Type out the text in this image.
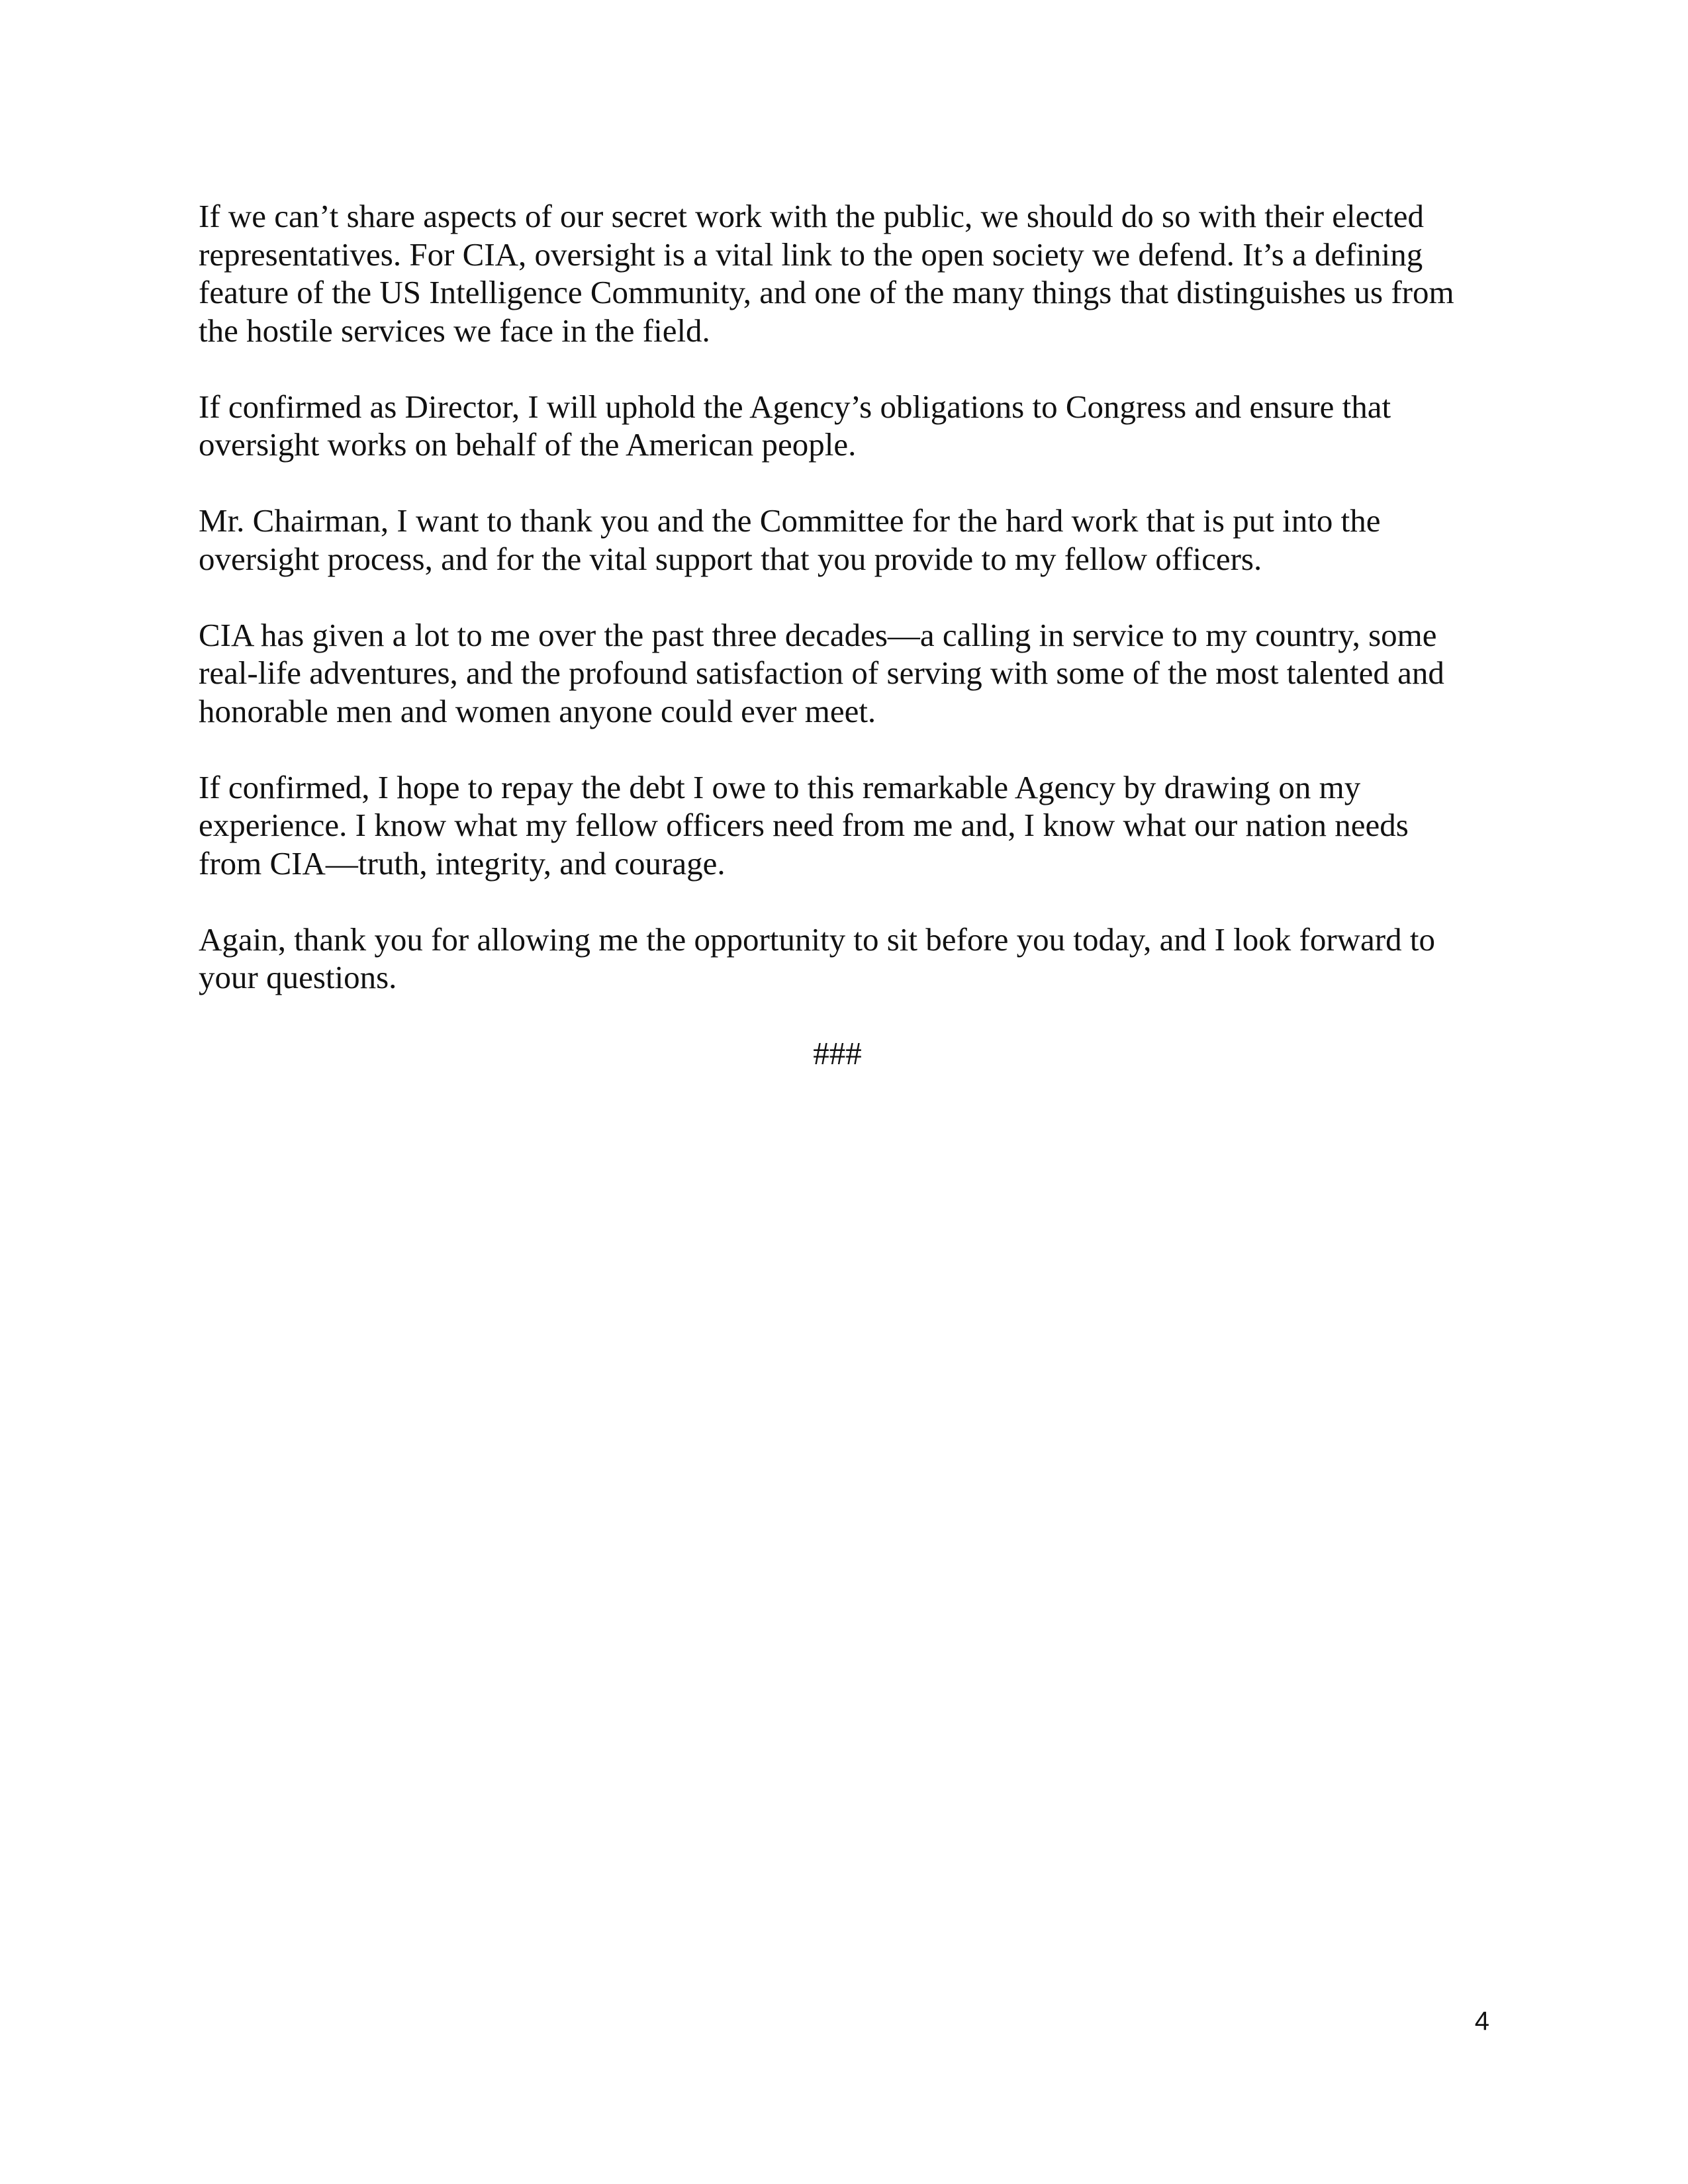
If we can’t share aspects of our secret work with the public, we should do so with their elected
representatives. For CIA, oversight is a vital link to the open society we defend. It’s a defining
feature of the US Intelligence Community, and one of the many things that distinguishes us from
the hostile services we face in the field.

If confirmed as Director, I will uphold the Agency’s obligations to Congress and ensure that
oversight works on behalf of the American people.

Mr. Chairman, I want to thank you and the Committee for the hard work that is put into the
oversight process, and for the vital support that you provide to my fellow officers.

CIA has given a lot to me over the past three decades—a calling in service to my country, some
real-life adventures, and the profound satisfaction of serving with some of the most talented and
honorable men and women anyone could ever meet.

If confirmed, I hope to repay the debt I owe to this remarkable Agency by drawing on my
experience. I know what my fellow officers need from me and, I know what our nation needs
from CIA—truth, integrity, and courage.

Again, thank you for allowing me the opportunity to sit before you today, and I look forward to
your questions.

###

4
